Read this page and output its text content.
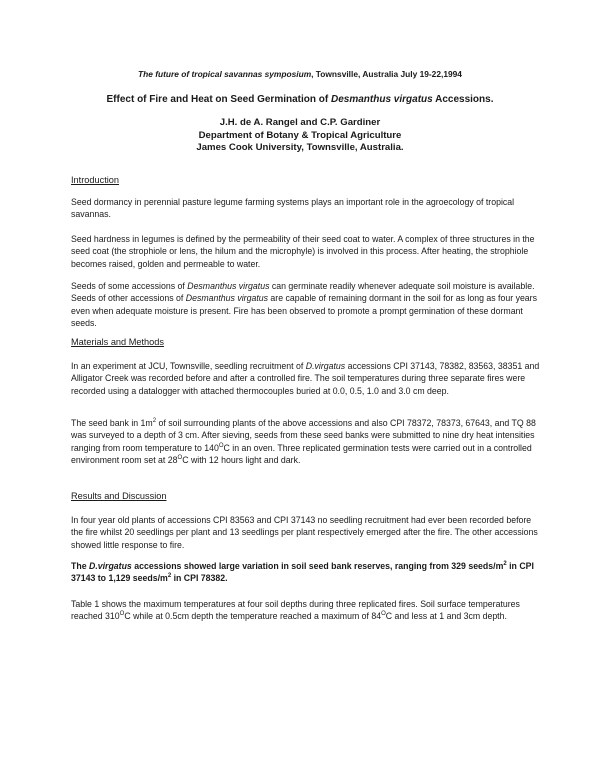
The future of tropical savannas symposium, Townsville, Australia July 19-22,1994
Effect of Fire and Heat on Seed Germination of Desmanthus virgatus Accessions.
J.H. de A. Rangel and C.P. Gardiner
Department of Botany & Tropical Agriculture
James Cook University, Townsville, Australia.
Introduction
Seed dormancy in perennial pasture legume farming systems plays an important role in the agroecology of tropical savannas.
Seed hardness in legumes is defined by the permeability of their seed coat to water. A complex of three structures in the seed coat (the strophiole or lens, the hilum and the microphyle) is involved in this process. After heating, the strophiole becomes raised, golden and permeable to water.
Seeds of some accessions of Desmanthus virgatus can germinate readily whenever adequate soil moisture is available. Seeds of other accessions of Desmanthus virgatus are capable of remaining dormant in the soil for as long as four years even when adequate moisture is present. Fire has been observed to promote a prompt germination of these dormant seeds.
Materials and Methods
In an experiment at JCU, Townsville, seedling recruitment of D.virgatus accessions CPI 37143, 78382, 83563, 38351 and Alligator Creek was recorded before and after a controlled fire. The soil temperatures during three separate fires were recorded using a datalogger with attached thermocouples buried at 0.0, 0.5, 1.0 and 3.0 cm deep.
The seed bank in $1m^2$ of soil surrounding plants of the above accessions and also CPI 78372, 78373, 67643, and TQ 88 was surveyed to a depth of 3 cm. After sieving, seeds from these seed banks were submitted to nine dry heat intensities ranging from room temperature to $140^OC$ in an oven. Three replicated germination tests were carried out in a controlled environment room set at $28^OC$ with 12 hours light and dark.
Results and Discussion
In four year old plants of accessions CPI 83563 and CPI 37143 no seedling recruitment had ever been recorded before the fire whilst 20 seedlings per plant and 13 seedlings per plant respectively emerged after the fire. The other accessions showed little response to fire.
The D.virgatus accessions showed large variation in soil seed bank reserves, ranging from 329 seeds/$m^2$ in CPI 37143 to 1,129 seeds/$m^2$ in CPI 78382.
Table 1 shows the maximum temperatures at four soil depths during three replicated fires. Soil surface temperatures reached $310^OC$ while at 0.5cm depth the temperature reached a maximum of $84^OC$ and less at 1 and 3cm depth.
